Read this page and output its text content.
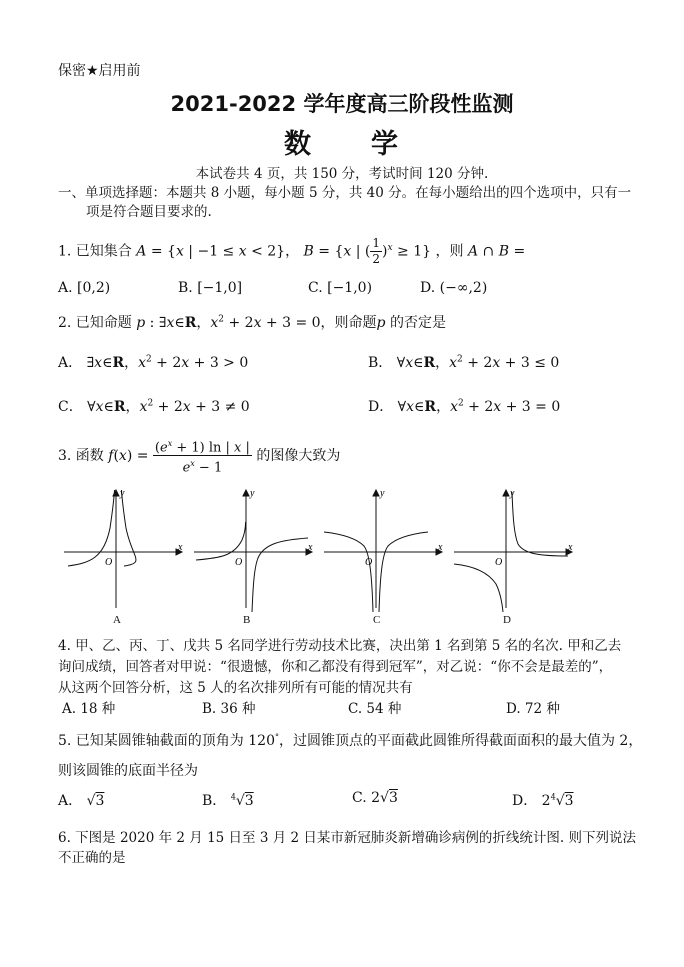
保密★启用前
2021-2022 学年度高三阶段性监测
数　　学
本试卷共 4 页，共 150 分，考试时间 120 分钟.
一、单项选择题：本题共 8 小题，每小题 5 分，共 40 分。在每小题给出的四个选项中，只有一
项是符合题目要求的.
1. 已知集合 A = {x | −1 ≤ x < 2}， B = {x | ( $\frac{1}{2} )^x \ge 1$} ，则 A ∩ B =
A. [0,2)	B. [−1,0]	C. [−1,0)	D. (−∞,2)
2. 已知命题 p : ∃x∈R，$x^2 + 2x + 3 = 0$，则命题p 的否定是
A． ∃x∈R，$x^2 + 2x + 3 > 0$	B． ∀x∈R，$x^2 + 2x + 3 \le 0$
C． ∀x∈R，$x^2 + 2x + 3 \ne 0$	D． ∀x∈R，$x^2 + 2x + 3 = 0$
3. 函数 $f(x) = \frac{(e^x + 1) \ln | x |}{e^x - 1}$ 的图像大致为
y
x
O
A
y
x
O
B
y
x
O
C
y
x
O
D
4. 甲、乙、丙、丁、戊共 5 名同学进行劳动技术比赛，决出第 1 名到第 5 名的名次. 甲和乙去
询问成绩，回答者对甲说：“很遗憾，你和乙都没有得到冠军”，对乙说：“你不会是最差的”，
从这两个回答分析，这 5 人的名次排列所有可能的情况共有
A. 18 种	B. 36 种	C. 54 种	D. 72 种
5. 已知某圆锥轴截面的顶角为 120°，过圆锥顶点的平面截此圆锥所得截面面积的最大值为 2，
则该圆锥的底面半径为
A． √3	B． $^4$√3	C. 2√3	D． $2^4√3$
6. 下图是 2020 年 2 月 15 日至 3 月 2 日某市新冠肺炎新增确诊病例的折线统计图. 则下列说法
不正确的是
